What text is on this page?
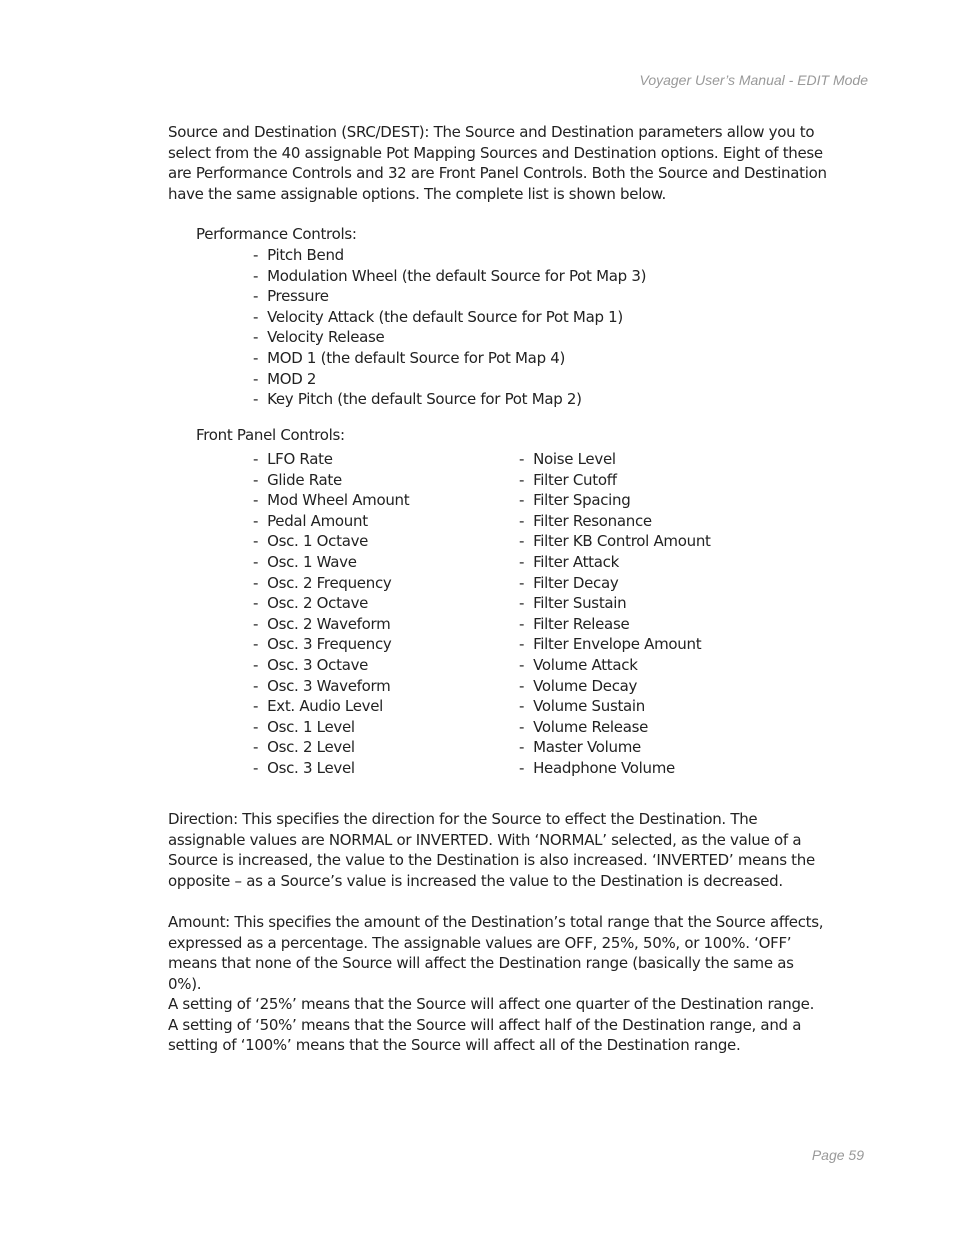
Voyager User’s Manual - EDIT Mode

Source and Destination (SRC/DEST): The Source and Destination parameters allow you to select from the 40 assignable Pot Mapping Sources and Destination options. Eight of these are Performance Controls and 32 are Front Panel Controls. Both the Source and Destination have the same assignable options. The complete list is shown below.

Performance Controls:

- Pitch Bend
- Modulation Wheel (the default Source for Pot Map 3)
- Pressure
- Velocity Attack (the default Source for Pot Map 1)
- Velocity Release
- MOD 1 (the default Source for Pot Map 4)
- MOD 2
- Key Pitch (the default Source for Pot Map 2)

Front Panel Controls:

- LFO Rate
- Glide Rate
- Mod Wheel Amount
- Pedal Amount
- Osc. 1 Octave
- Osc. 1 Wave
- Osc. 2 Frequency
- Osc. 2 Octave
- Osc. 2 Waveform
- Osc. 3 Frequency
- Osc. 3 Octave
- Osc. 3 Waveform
- Ext. Audio Level
- Osc. 1 Level
- Osc. 2 Level
- Osc. 3 Level
- Noise Level
- Filter Cutoff
- Filter Spacing
- Filter Resonance
- Filter KB Control Amount
- Filter Attack
- Filter Decay
- Filter Sustain
- Filter Release
- Filter Envelope Amount
- Volume Attack
- Volume Decay
- Volume Sustain
- Volume Release
- Master Volume
- Headphone Volume

Direction: This specifies the direction for the Source to effect the Destination. The assignable values are NORMAL or INVERTED. With ‘NORMAL’ selected, as the value of a Source is increased, the value to the Destination is also increased. ‘INVERTED’ means the opposite – as a Source’s value is increased the value to the Destination is decreased.

Amount: This specifies the amount of the Destination’s total range that the Source affects, expressed as a percentage. The assignable values are OFF, 25%, 50%, or 100%. ‘OFF’ means that none of the Source will affect the Destination range (basically the same as 0%).

A setting of ‘25%’ means that the Source will affect one quarter of the Destination range. A setting of ‘50%’ means that the Source will affect half of the Destination range, and a setting of ‘100%’ means that the Source will affect all of the Destination range.

Page 59
